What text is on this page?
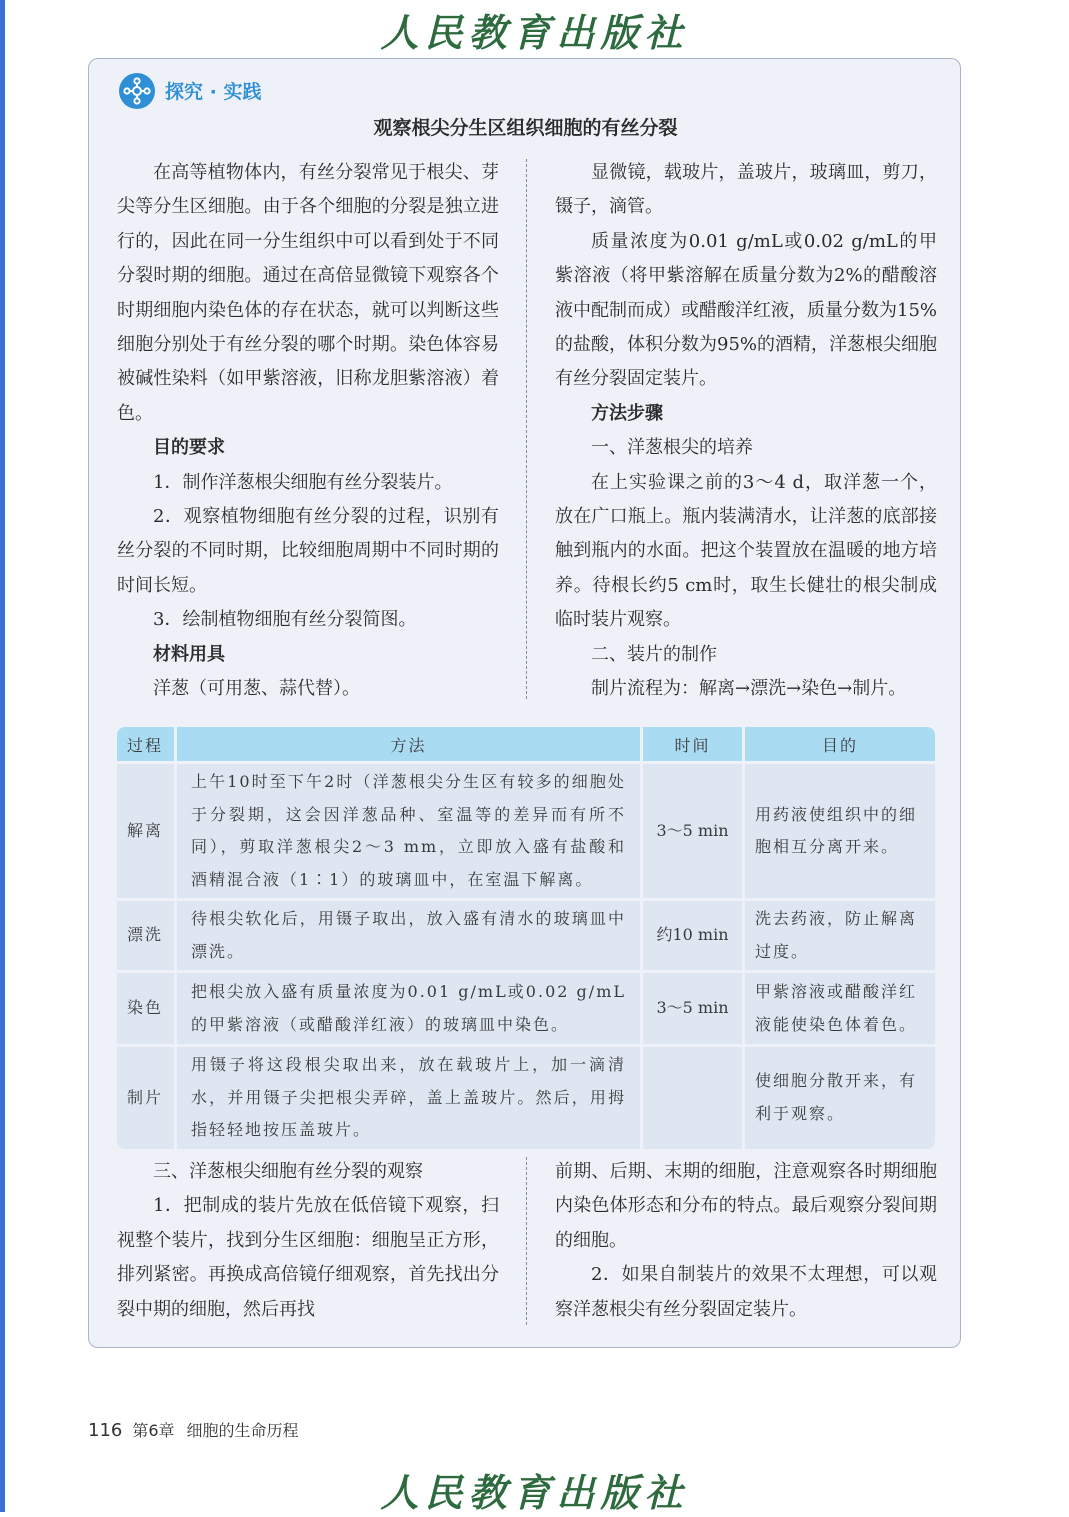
人民教育出版社
探究 · 实践
观察根尖分生区组织细胞的有丝分裂

在高等植物体内，有丝分裂常见于根尖、芽尖等分生区细胞。由于各个细胞的分裂是独立进行的，因此在同一分生组织中可以看到处于不同分裂时期的细胞。通过在高倍显微镜下观察各个时期细胞内染色体的存在状态，就可以判断这些细胞分别处于有丝分裂的哪个时期。染色体容易被碱性染料（如甲紫溶液，旧称龙胆紫溶液）着色。

目的要求

1．制作洋葱根尖细胞有丝分裂装片。

2．观察植物细胞有丝分裂的过程，识别有丝分裂的不同时期，比较细胞周期中不同时期的时间长短。

3．绘制植物细胞有丝分裂简图。

材料用具

洋葱（可用葱、蒜代替）。

显微镜，载玻片，盖玻片，玻璃皿，剪刀，镊子，滴管。

质量浓度为0.01 g/mL或0.02 g/mL的甲紫溶液（将甲紫溶解在质量分数为2%的醋酸溶液中配制而成）或醋酸洋红液，质量分数为15%的盐酸，体积分数为95%的酒精，洋葱根尖细胞有丝分裂固定装片。

方法步骤

一、洋葱根尖的培养

在上实验课之前的3～4 d，取洋葱一个，放在广口瓶上。瓶内装满清水，让洋葱的底部接触到瓶内的水面。把这个装置放在温暖的地方培养。待根长约5 cm时，取生长健壮的根尖制成临时装片观察。

二、装片的制作

制片流程为：解离→漂洗→染色→制片。

过程	方法	时间	目的
解离	上午10时至下午2时（洋葱根尖分生区有较多的细胞处于分裂期，这会因洋葱品种、室温等的差异而有所不同），剪取洋葱根尖2～3 mm，立即放入盛有盐酸和酒精混合液（1∶1）的玻璃皿中，在室温下解离。	3～5 min	用药液使组织中的细胞相互分离开来。
漂洗	待根尖软化后，用镊子取出，放入盛有清水的玻璃皿中漂洗。	约10 min	洗去药液，防止解离过度。
染色	把根尖放入盛有质量浓度为0.01 g/mL或0.02 g/mL的甲紫溶液（或醋酸洋红液）的玻璃皿中染色。	3～5 min	甲紫溶液或醋酸洋红液能使染色体着色。
制片	用镊子将这段根尖取出来，放在载玻片上，加一滴清水，并用镊子尖把根尖弄碎，盖上盖玻片。然后，用拇指轻轻地按压盖玻片。		使细胞分散开来，有利于观察。

三、洋葱根尖细胞有丝分裂的观察

1．把制成的装片先放在低倍镜下观察，扫视整个装片，找到分生区细胞：细胞呈正方形，排列紧密。再换成高倍镜仔细观察，首先找出分裂中期的细胞，然后再找

前期、后期、末期的细胞，注意观察各时期细胞内染色体形态和分布的特点。最后观察分裂间期的细胞。

2．如果自制装片的效果不太理想，可以观察洋葱根尖有丝分裂固定装片。

116 第6章 细胞的生命历程
人民教育出版社
